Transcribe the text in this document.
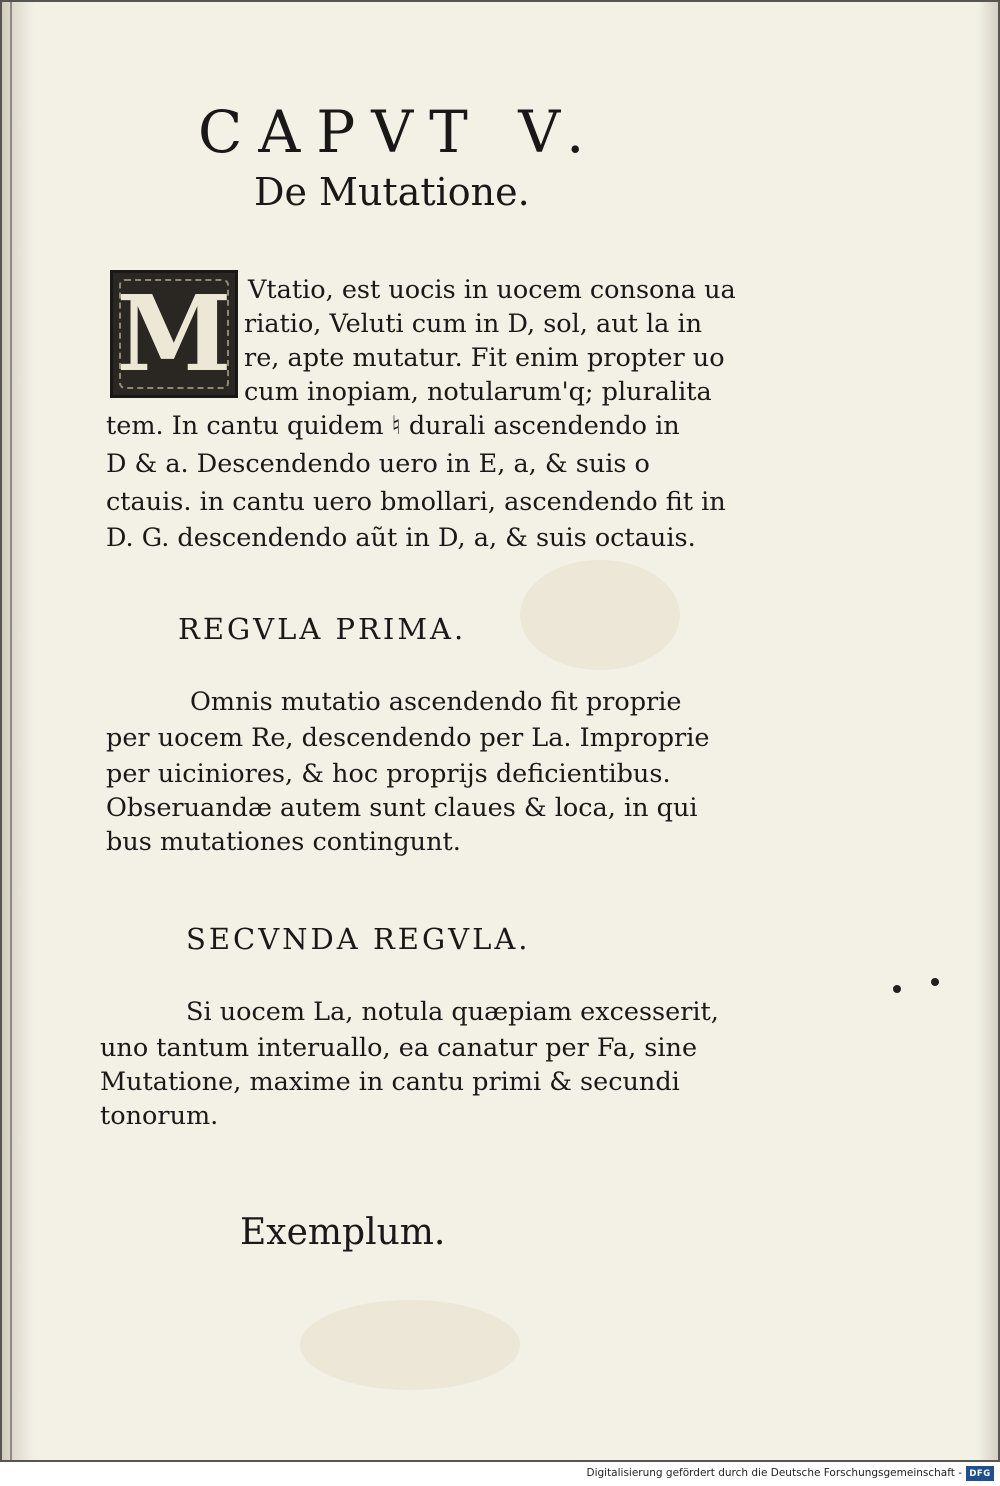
CAPVT V.
De Mutatione.
M Vtatio, est uocis in uocem consona ua
riatio, Veluti cum in D, sol, aut la in
re, apte mutatur. Fit enim propter uo
cum inopiam, notularum'q; pluralita
tem. In cantu quidem ♮ durali ascendendo in
D & a. Descendendo uero in E, a, & suis o
ctauis. in cantu uero bmollari, ascendendo fit in
D. G. descendendo aũt in D, a, & suis octauis.
REGVLA PRIMA.
Omnis mutatio ascendendo fit proprie
per uocem Re, descendendo per La. Improprie
per uiciniores, & hoc proprijs deficientibus.
Obseruandæ autem sunt claues & loca, in qui
bus mutationes contingunt.
SECVNDA REGVLA.
Si uocem La, notula quæpiam excesserit,
uno tantum interuallo, ea canatur per Fa, sine
Mutatione, maxime in cantu primi & secundi
tonorum.
Exemplum.
Digitalisierung gefördert durch die Deutsche Forschungsgemeinschaft - DFG
